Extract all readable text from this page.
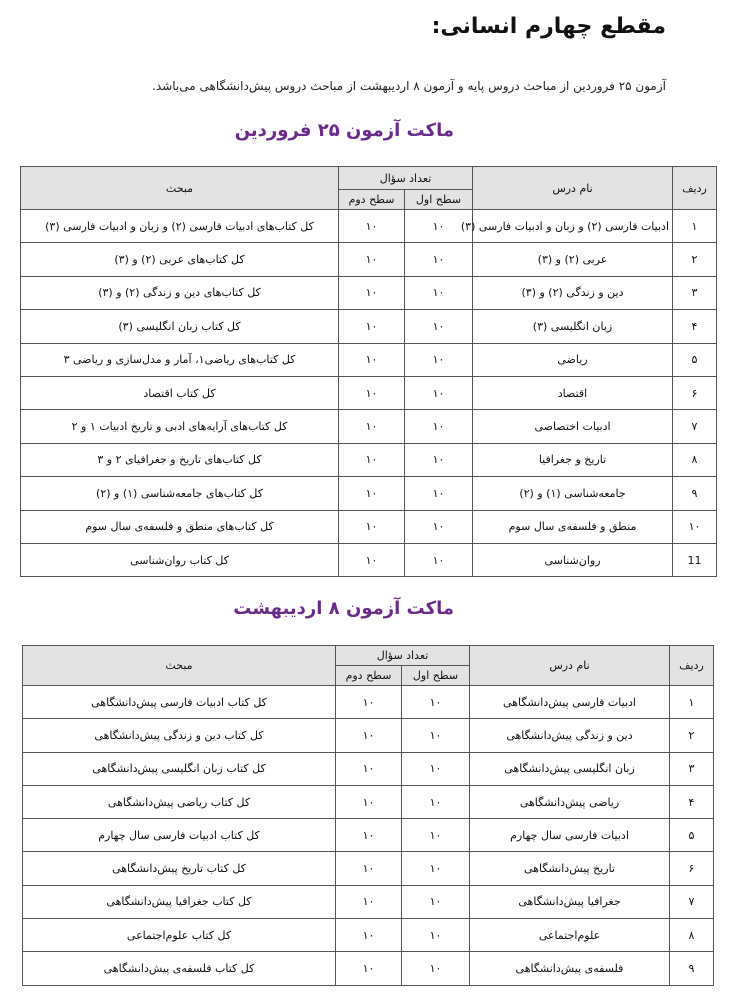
مقطع چهارم انسانی:

آزمون ۲۵ فروردین از مباحث دروس پایه و آزمون ۸ اردیبهشت از مباحث دروس پیش‌دانشگاهی می‌باشد.

ماکت آزمون ۲۵ فروردین
ردیف	نام درس	تعداد سؤال		مبحث
		سطح اول	سطح دوم	
۱	ادبیات فارسی (۲) و زبان و ادبیات فارسی (۳)	۱۰	۱۰	کل کتاب‌های ادبیات فارسی (۲) و زبان و ادبیات فارسی (۳)
۲	عربی (۲) و (۳)	۱۰	۱۰	کل کتاب‌های عربی (۲) و (۳)
۳	دین و زندگی (۲) و (۳)	۱۰	۱۰	کل کتاب‌های دین و زندگی (۲) و (۳)
۴	زبان انگلیسی (۳)	۱۰	۱۰	کل کتاب زبان انگلیسی (۳)
۵	ریاضی	۱۰	۱۰	کل کتاب‌های ریاضی۱، آمار و مدل‌سازی و ریاضی ۳
۶	اقتصاد	۱۰	۱۰	کل کتاب اقتصاد
۷	ادبیات اختصاصی	۱۰	۱۰	کل کتاب‌های آرایه‌های ادبی و تاریخ ادبیات ۱ و ۲
۸	تاریخ و جغرافیا	۱۰	۱۰	کل کتاب‌های تاریخ و جغرافیای ۲ و ۳
۹	جامعه‌شناسی (۱) و (۲)	۱۰	۱۰	کل کتاب‌های جامعه‌شناسی (۱) و (۲)
۱۰	منطق و فلسفه‌ی سال سوم	۱۰	۱۰	کل کتاب‌های منطق و فلسفه‌ی سال سوم
11	روان‌شناسی	۱۰	۱۰	کل کتاب روان‌شناسی
ماکت آزمون ۸ اردیبهشت
ردیف	نام درس	تعداد سؤال		مبحث
		سطح اول	سطح دوم	
۱	ادبیات فارسی پیش‌دانشگاهی	۱۰	۱۰	کل کتاب ادبیات فارسی پیش‌دانشگاهی
۲	دین و زندگی پیش‌دانشگاهی	۱۰	۱۰	کل کتاب دین و زندگی پیش‌دانشگاهی
۳	زبان انگلیسی پیش‌دانشگاهی	۱۰	۱۰	کل کتاب زبان انگلیسی پیش‌دانشگاهی
۴	ریاضی پیش‌دانشگاهی	۱۰	۱۰	کل کتاب ریاضی پیش‌دانشگاهی
۵	ادبیات فارسی سال چهارم	۱۰	۱۰	کل کتاب ادبیات فارسی سال چهارم
۶	تاریخ پیش‌دانشگاهی	۱۰	۱۰	کل کتاب تاریخ پیش‌دانشگاهی
۷	جغرافیا پیش‌دانشگاهی	۱۰	۱۰	کل کتاب جغرافیا پیش‌دانشگاهی
۸	علوم‌اجتماعی	۱۰	۱۰	کل کتاب علوم‌اجتماعی
۹	فلسفه‌ی پیش‌دانشگاهی	۱۰	۱۰	کل کتاب فلسفه‌ی پیش‌دانشگاهی
